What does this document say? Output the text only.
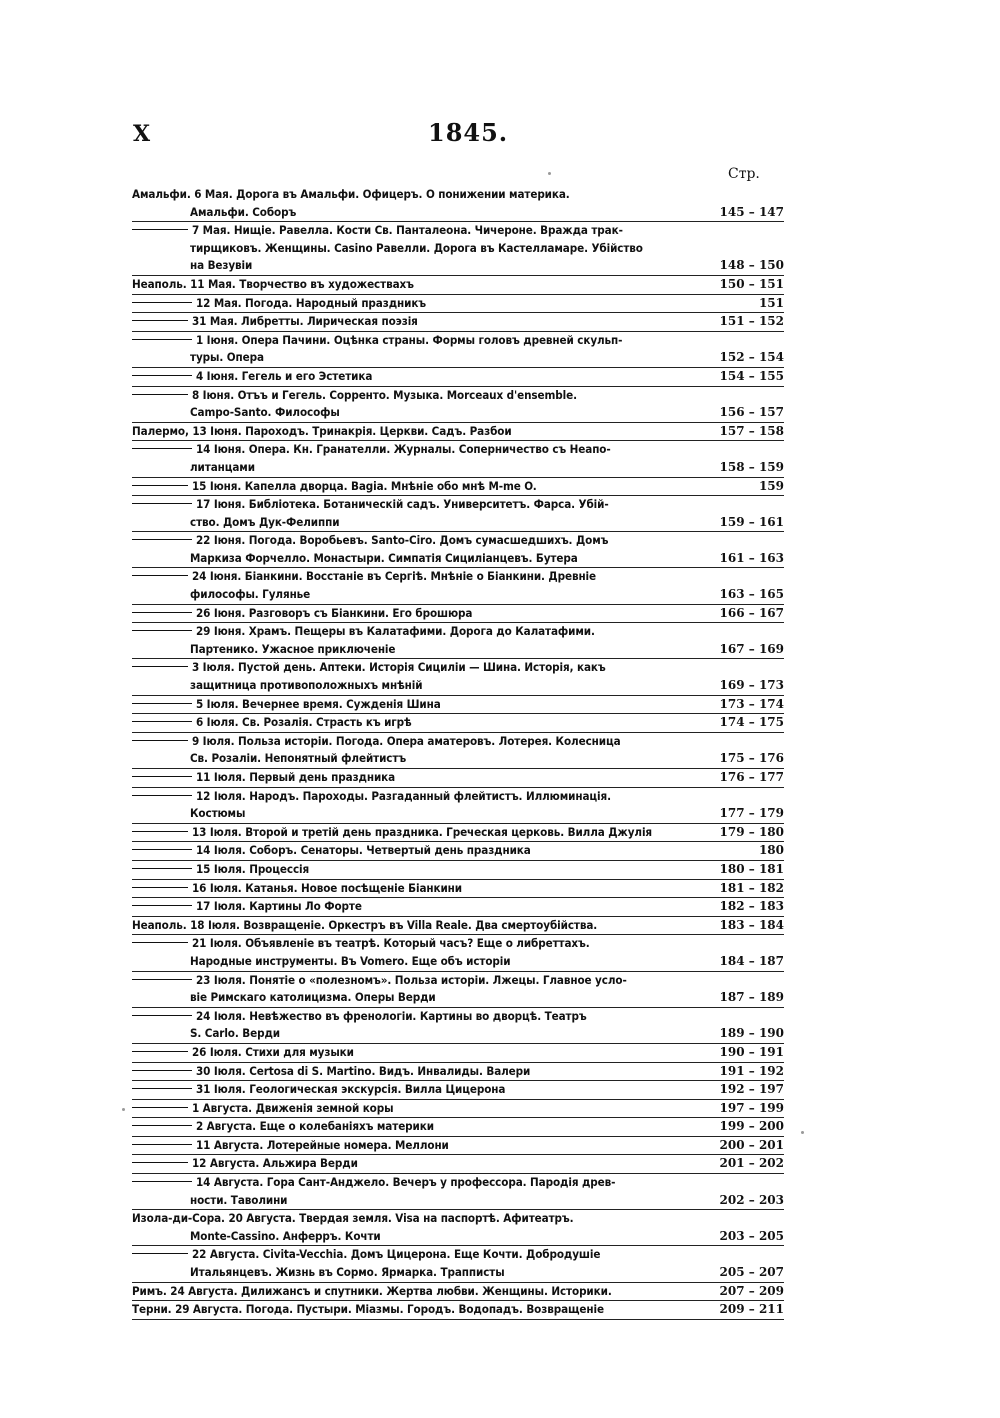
X	1845.
Стр.
Амальфи. 6 Мая. Дорога въ Амальфи. Офицеръ. О понижении материка.
Амальфи. Соборъ	145 – 147
7 Мая. Нищіе. Равелла. Кости Св. Панталеона. Чичероне. Вражда трак-
тирщиковъ. Женщины. Casino Равелли. Дорога въ Кастелламаре. Убійство
на Везувіи	148 – 150
Неаполь. 11 Мая. Творчество въ художествахъ	150 – 151
12 Мая. Погода. Народный праздникъ	151
31 Мая. Либретты. Лирическая поэзія	151 – 152
1 Іюня. Опера Пачини. Оцѣнка страны. Формы головъ древней скульп-
туры. Опера	152 – 154
4 Іюня. Гегель и его Эстетика	154 – 155
8 Іюня. Отъъ и Гегель. Сорренто. Музыка. Morceaux d'ensemble.
Campo-Santo. Философы	156 – 157
Палермо, 13 Іюня. Пароходъ. Тринакрія. Церкви. Садъ. Разбои	157 – 158
14 Іюня. Опера. Кн. Гранателли. Журналы. Соперничество съ Неапо-
литанцами	158 – 159
15 Іюня. Капелла дворца. Bagia. Мнѣніе обо мнѣ М-me O.	159
17 Іюня. Библіотека. Ботаническій садъ. Университетъ. Фарса. Убій-
ство. Домъ Дук-Фелиппи	159 – 161
22 Іюня. Погода. Воробьевъ. Santo-Ciro. Домъ сумасшедшихъ. Домъ
Маркиза Форчелло. Монастыри. Симпатія Сициліанцевъ. Бутера	161 – 163
24 Іюня. Біанкини. Восстаніе въ Сергіѣ. Мнѣніе о Біанкини. Древніе
философы. Гулянье	163 – 165
26 Іюня. Разговоръ съ Біанкини. Его брошюра	166 – 167
29 Іюня. Храмъ. Пещеры въ Калатафими. Дорога до Калатафими.
Партенико. Ужасное приключеніе	167 – 169
3 Іюля. Пустой день. Аптеки. Исторія Сициліи — Шина. Исторія, какъ
защитница противоположныхъ мнѣній	169 – 173
5 Іюля. Вечернее время. Сужденія Шина	173 – 174
6 Іюля. Св. Розалія. Страсть къ игрѣ	174 – 175
9 Іюля. Польза исторіи. Погода. Опера аматеровъ. Лотерея. Колесница
Св. Розаліи. Непонятный флейтистъ	175 – 176
11 Іюля. Первый день праздника	176 – 177
12 Іюля. Народъ. Пароходы. Разгаданный флейтистъ. Иллюминація.
Костюмы	177 – 179
13 Іюля. Второй и третій день праздника. Греческая церковь. Вилла Джулія	179 – 180
14 Іюля. Соборъ. Сенаторы. Четвертый день праздника	180
15 Іюля. Процессія	180 – 181
16 Іюля. Катанья. Новое посѣщеніе Біанкини	181 – 182
17 Іюля. Картины Ло Форте	182 – 183
Неаполь. 18 Іюля. Возвращеніе. Оркестръ въ Villa Reale. Два смертоубійства.	183 – 184
21 Іюля. Объявленіе въ театрѣ. Который часъ? Еще о либреттахъ.
Народные инструменты. Въ Vomero. Еще объ исторіи	184 – 187
23 Іюля. Понятіе о «полезномъ». Польза исторіи. Лжецы. Главное усло-
віе Римскаго католицизма. Оперы Верди	187 – 189
24 Іюля. Невѣжество въ френологіи. Картины во дворцѣ. Театръ
S. Carlo. Верди	189 – 190
26 Іюля. Стихи для музыки	190 – 191
30 Іюля. Certosa di S. Martino. Видъ. Инвалиды. Валери	191 – 192
31 Іюля. Геологическая экскурсія. Вилла Цицерона	192 – 197
1 Августа. Движенія земной коры	197 – 199
2 Августа. Еще о колебаніяхъ материки	199 – 200
11 Августа. Лотерейные номера. Меллони	200 – 201
12 Августа. Альжира Верди	201 – 202
14 Августа. Гора Сант-Анджело. Вечеръ у профессора. Пародія древ-
ности. Таволини	202 – 203
Изола-ди-Сора. 20 Августа. Твердая земля. Visa на паспортѣ. Афитеатръ.
Monte-Cassino. Анферръ. Кочти	203 – 205
22 Августа. Civita-Vecchia. Домъ Цицерона. Еще Кочти. Добродушіе
Итальянцевъ. Жизнь въ Сормо. Ярмарка. Трапписты	205 – 207
Римъ. 24 Августа. Дилижансъ и спутники. Жертва любви. Женщины. Историки.	207 – 209
Терни. 29 Августа. Погода. Пустыри. Міазмы. Городъ. Водопадъ. Возвращеніе	209 – 211
